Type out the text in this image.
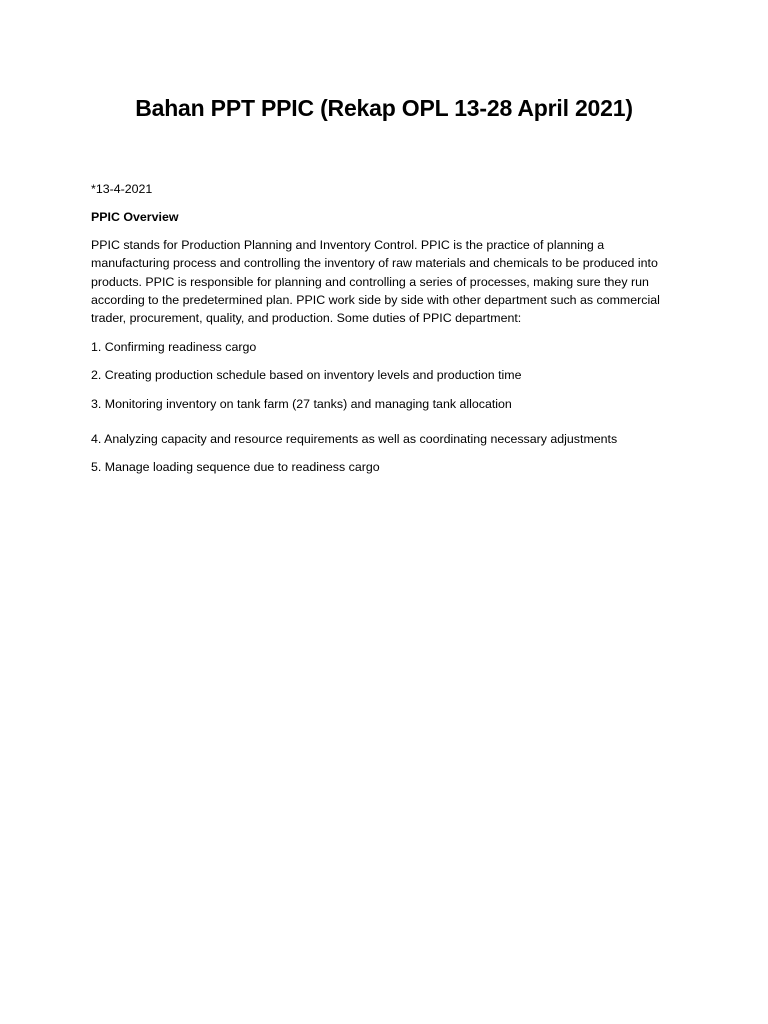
Bahan PPT PPIC (Rekap OPL 13-28 April 2021)

*13-4-2021

PPIC Overview

PPIC stands for Production Planning and Inventory Control. PPIC is the practice of planning a
manufacturing process and controlling the inventory of raw materials and chemicals to be produced into
products. PPIC is responsible for planning and controlling a series of processes, making sure they run
according to the predetermined plan. PPIC work side by side with other department such as commercial
trader, procurement, quality, and production. Some duties of PPIC department:

1. Confirming readiness cargo

2. Creating production schedule based on inventory levels and production time

3. Monitoring inventory on tank farm (27 tanks) and managing tank allocation

4. Analyzing capacity and resource requirements as well as coordinating necessary adjustments

5. Manage loading sequence due to readiness cargo
